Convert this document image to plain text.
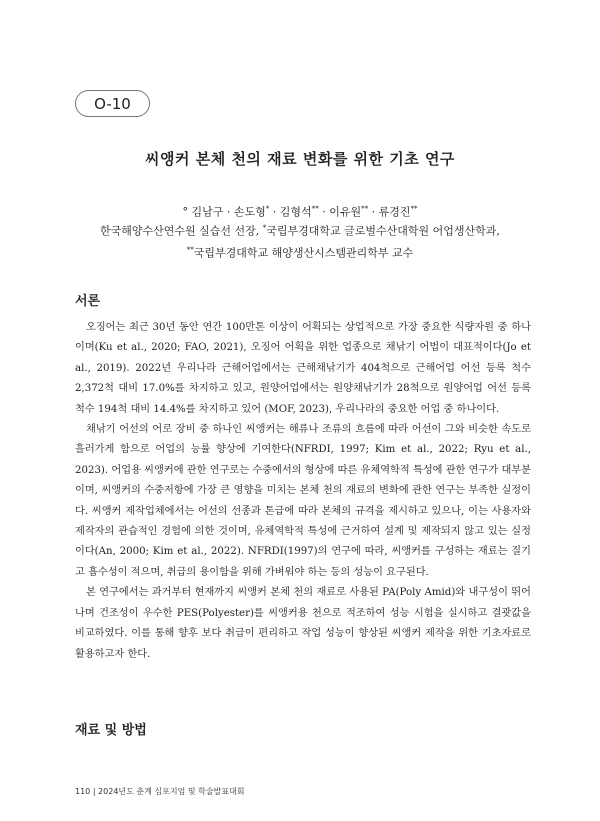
O-10
씨앵커 본체 천의 재료 변화를 위한 기초 연구
° 김남구 · 손도형* · 김형석** · 이유원** · 류경진**
한국해양수산연수원 실습선 선장, *국립부경대학교 글로벌수산대학원 어업생산학과,
**국립부경대학교 해양생산시스템관리학부 교수
서론

오징어는 최근 30년 동안 연간 100만톤 이상이 어획되는 상업적으로 가장 중요한 식량자원 중 하나이며(Ku et al., 2020; FAO, 2021), 오징어 어획을 위한 업종으로 채낚기 어법이 대표적이다(Jo et al., 2019). 2022년 우리나라 근해어업에서는 근해채낚기가 404척으로 근해어업 어선 등록 척수 2,372척 대비 17.0%를 차지하고 있고, 원양어업에서는 원양채낚기가 28척으로 원양어업 어선 등록 척수 194척 대비 14.4%를 차지하고 있어 (MOF, 2023), 우리나라의 중요한 어업 중 하나이다.

채낚기 어선의 어로 장비 중 하나인 씨앵커는 해류나 조류의 흐름에 따라 어선이 그와 비슷한 속도로 흘러가게 함으로 어업의 능률 향상에 기여한다(NFRDI, 1997; Kim et al., 2022; Ryu et al., 2023). 어업용 씨앵커에 관한 연구로는 수중에서의 형상에 따른 유체역학적 특성에 관한 연구가 대부분이며, 씨앵커의 수중저항에 가장 큰 영향을 미치는 본체 천의 재료의 변화에 관한 연구는 부족한 실정이다. 씨앵커 제작업체에서는 어선의 선종과 톤급에 따라 본체의 규격을 제시하고 있으나, 이는 사용자와 제작자의 관습적인 경험에 의한 것이며, 유체역학적 특성에 근거하여 설계 및 제작되지 않고 있는 실정이다(An, 2000; Kim et al., 2022). NFRDI(1997)의 연구에 따라, 씨앵커를 구성하는 재료는 질기고 흡수성이 적으며, 취급의 용이함을 위해 가벼워야 하는 등의 성능이 요구된다.

본 연구에서는 과거부터 현재까지 씨앵커 본체 천의 재료로 사용된 PA(Poly Amid)와 내구성이 뛰어나며 건조성이 우수한 PES(Polyester)를 씨앵커용 천으로 적조하여 성능 시험을 실시하고 결괏값을 비교하였다. 이를 통해 향후 보다 취급이 편리하고 작업 성능이 향상된 씨앵커 제작을 위한 기초자료로 활용하고자 한다.

재료 및 방법
110 | 2024년도 춘계 심포지엄 및 학술발표대회
